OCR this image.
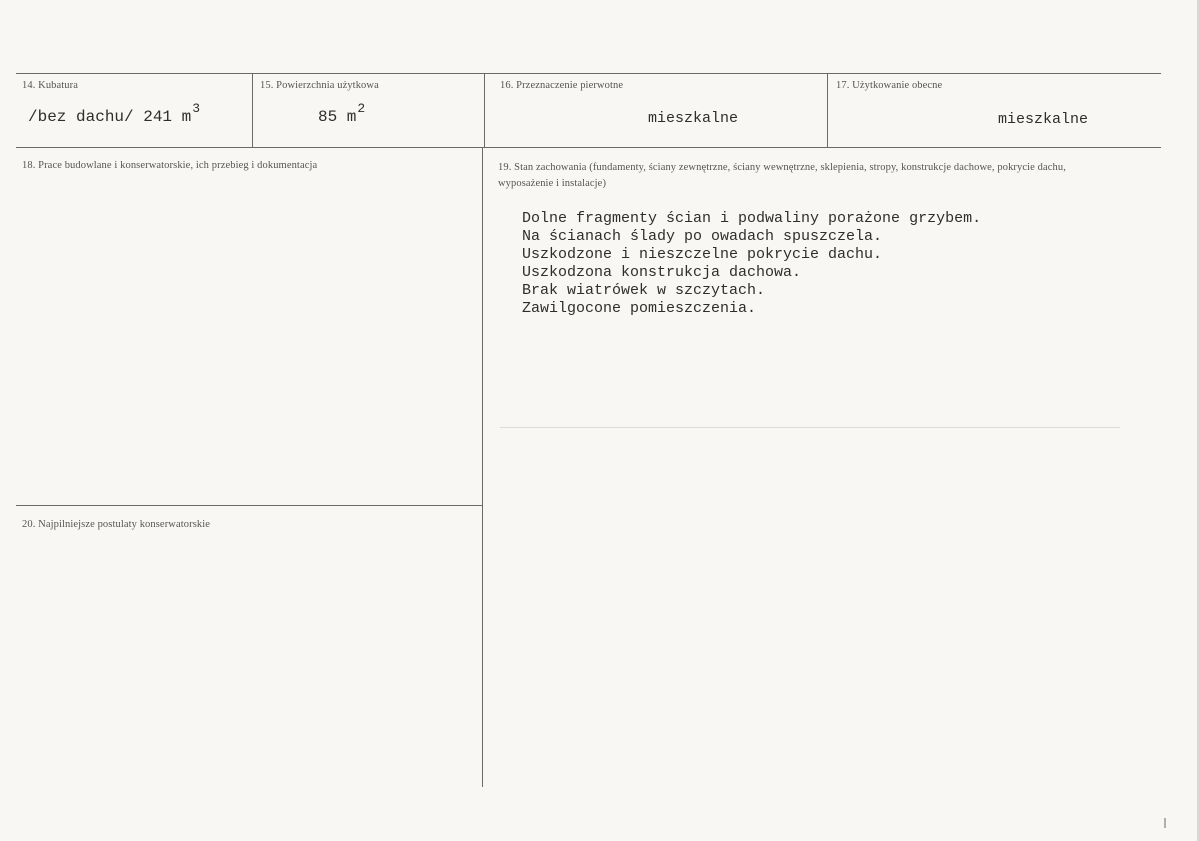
14. Kubatura
/bez dachu/ 241 $m^3$
15. Powierzchnia użytkowa
85 $m^2$
16. Przeznaczenie pierwotne
mieszkalne
17. Użytkowanie obecne
mieszkalne
18. Prace budowlane i konserwatorskie, ich przebieg i dokumentacja	19. Stan zachowania (fundamenty, ściany zewnętrzne, ściany wewnętrzne, sklepienia, stropy, konstrukcje dachowe, pokrycie dachu, wyposażenie i instalacje)
Dolne fragmenty ścian i podwaliny porażone grzybem.
Na ścianach ślady po owadach spuszczela.
Uszkodzone i nieszczelne pokrycie dachu.
Uszkodzona konstrukcja dachowa.
Brak wiatrówek w szczytach.
Zawilgocone pomieszczenia.
20. Najpilniejsze postulaty konserwatorskie
